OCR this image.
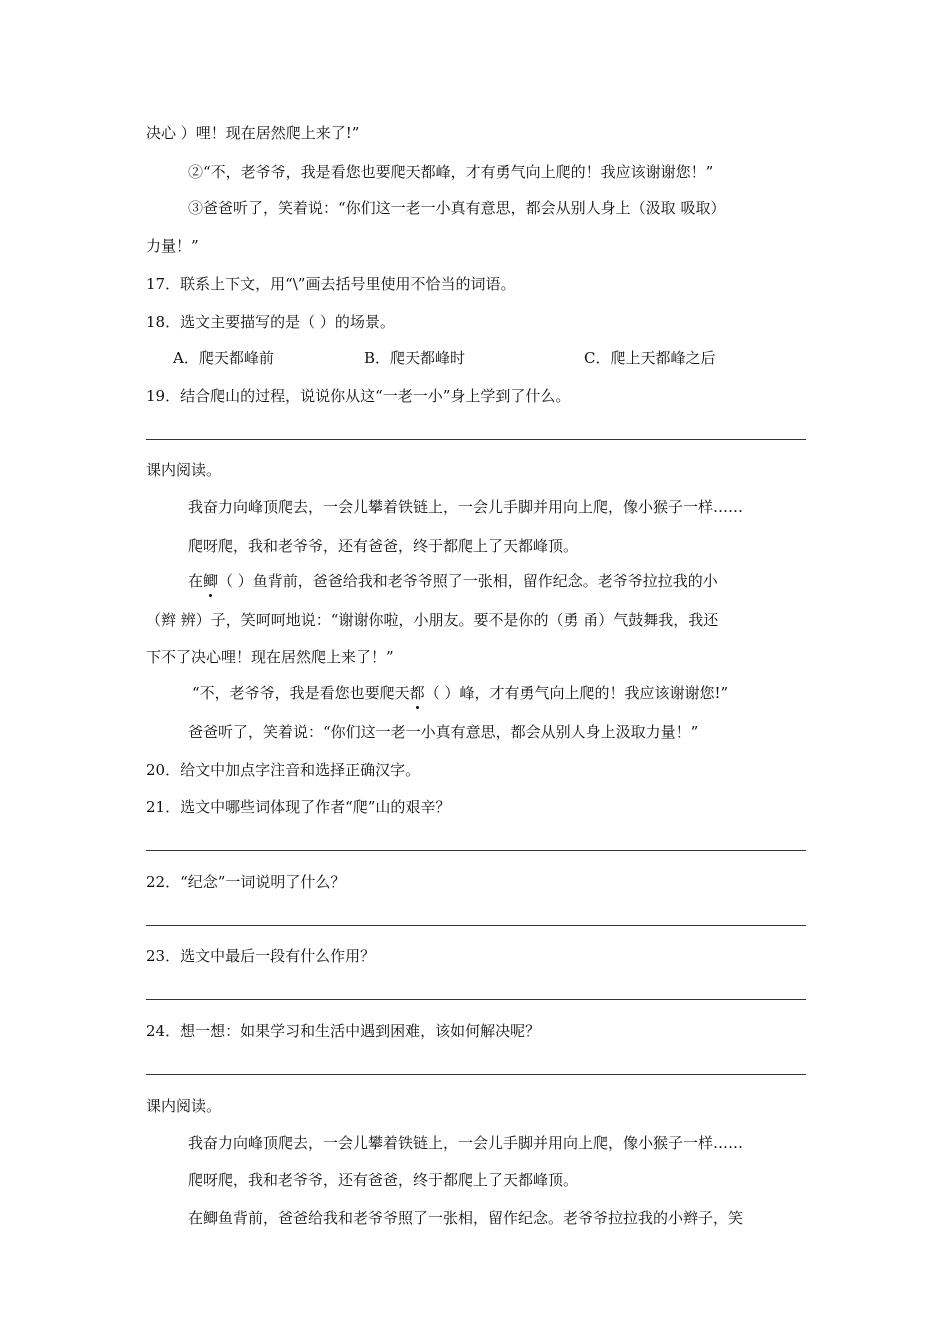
决心 ）哩！现在居然爬上来了!”
②“不，老爷爷，我是看您也要爬天都峰，才有勇气向上爬的！我应该谢谢您！”
③爸爸听了，笑着说：“你们这一老一小真有意思，都会从别人身上（汲取 吸取）
力量！”
17．联系上下文，用“\”画去括号里使用不恰当的词语。
18．选文主要描写的是（ ）的场景。
A．爬天都峰前	B．爬天都峰时	C．爬上天都峰之后
19．结合爬山的过程，说说你从这“一老一小”身上学到了什么。
课内阅读。
我奋力向峰顶爬去，一会儿攀着铁链上，一会儿手脚并用向上爬，像小猴子一样……
爬呀爬，我和老爷爷，还有爸爸，终于都爬上了天都峰顶。
在鲫（ ）鱼背前，爸爸给我和老爷爷照了一张相，留作纪念。老爷爷拉拉我的小
（辫 辨）子，笑呵呵地说：“谢谢你啦，小朋友。要不是你的（勇 甬）气鼓舞我，我还
下不了决心哩！现在居然爬上来了！”
“不，老爷爷，我是看您也要爬天都（ ）峰，才有勇气向上爬的！我应该谢谢您!”
爸爸听了，笑着说：“你们这一老一小真有意思，都会从别人身上汲取力量！”
20．给文中加点字注音和选择正确汉字。
21．选文中哪些词体现了作者“爬”山的艰辛？
22．“纪念”一词说明了什么？
23．选文中最后一段有什么作用？
24．想一想：如果学习和生活中遇到困难，该如何解决呢？
课内阅读。
我奋力向峰顶爬去，一会儿攀着铁链上，一会儿手脚并用向上爬，像小猴子一样……
爬呀爬，我和老爷爷，还有爸爸，终于都爬上了天都峰顶。
在鲫鱼背前，爸爸给我和老爷爷照了一张相，留作纪念。老爷爷拉拉我的小辫子，笑
